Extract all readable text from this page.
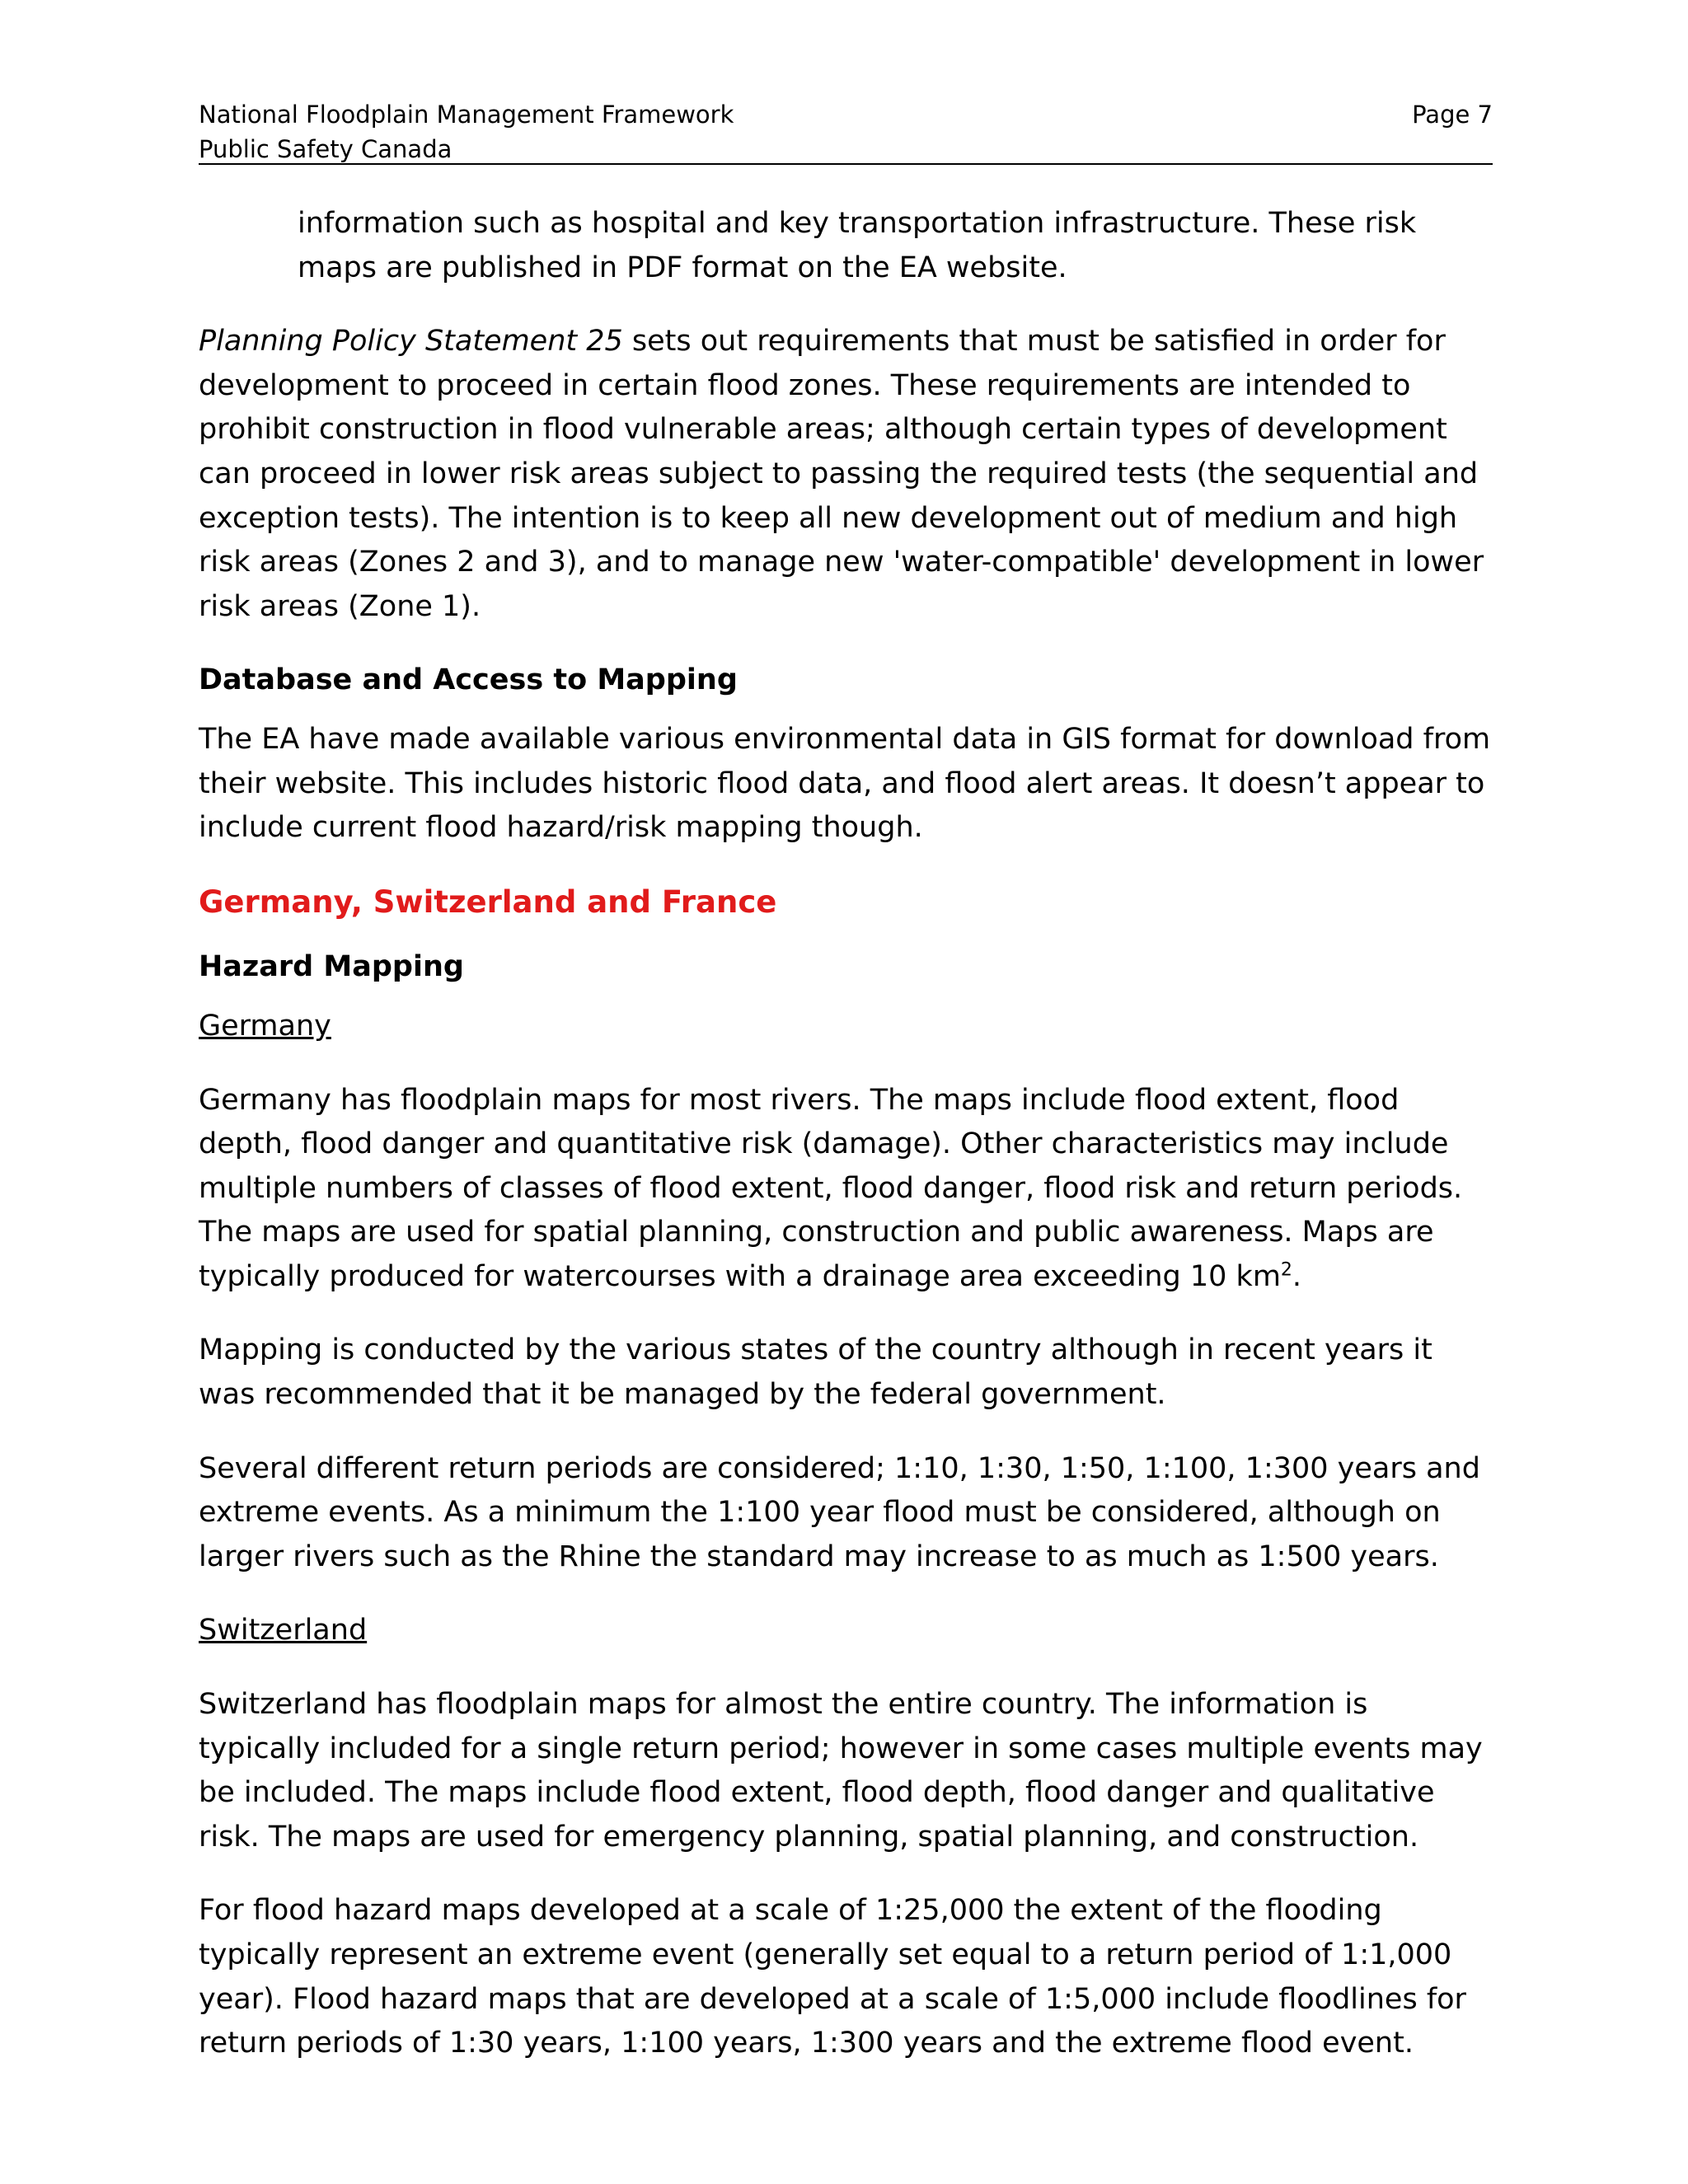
National Floodplain Management Framework
Public Safety Canada
Page 7

information such as hospital and key transportation infrastructure. These risk maps are published in PDF format on the EA website.

Planning Policy Statement 25 sets out requirements that must be satisfied in order for development to proceed in certain flood zones. These requirements are intended to prohibit construction in flood vulnerable areas; although certain types of development can proceed in lower risk areas subject to passing the required tests (the sequential and exception tests). The intention is to keep all new development out of medium and high risk areas (Zones 2 and 3), and to manage new 'water-compatible' development in lower risk areas (Zone 1).

Database and Access to Mapping

The EA have made available various environmental data in GIS format for download from their website. This includes historic flood data, and flood alert areas. It doesn’t appear to include current flood hazard/risk mapping though.

Germany, Switzerland and France

Hazard Mapping

Germany

Germany has floodplain maps for most rivers. The maps include flood extent, flood depth, flood danger and quantitative risk (damage). Other characteristics may include multiple numbers of classes of flood extent, flood danger, flood risk and return periods. The maps are used for spatial planning, construction and public awareness. Maps are typically produced for watercourses with a drainage area exceeding 10 $km^2$.

Mapping is conducted by the various states of the country although in recent years it was recommended that it be managed by the federal government.

Several different return periods are considered; 1:10, 1:30, 1:50, 1:100, 1:300 years and extreme events. As a minimum the 1:100 year flood must be considered, although on larger rivers such as the Rhine the standard may increase to as much as 1:500 years.

Switzerland

Switzerland has floodplain maps for almost the entire country. The information is typically included for a single return period; however in some cases multiple events may be included. The maps include flood extent, flood depth, flood danger and qualitative risk. The maps are used for emergency planning, spatial planning, and construction.

For flood hazard maps developed at a scale of 1:25,000 the extent of the flooding typically represent an extreme event (generally set equal to a return period of 1:1,000 year). Flood hazard maps that are developed at a scale of 1:5,000 include floodlines for return periods of 1:30 years, 1:100 years, 1:300 years and the extreme flood event.
